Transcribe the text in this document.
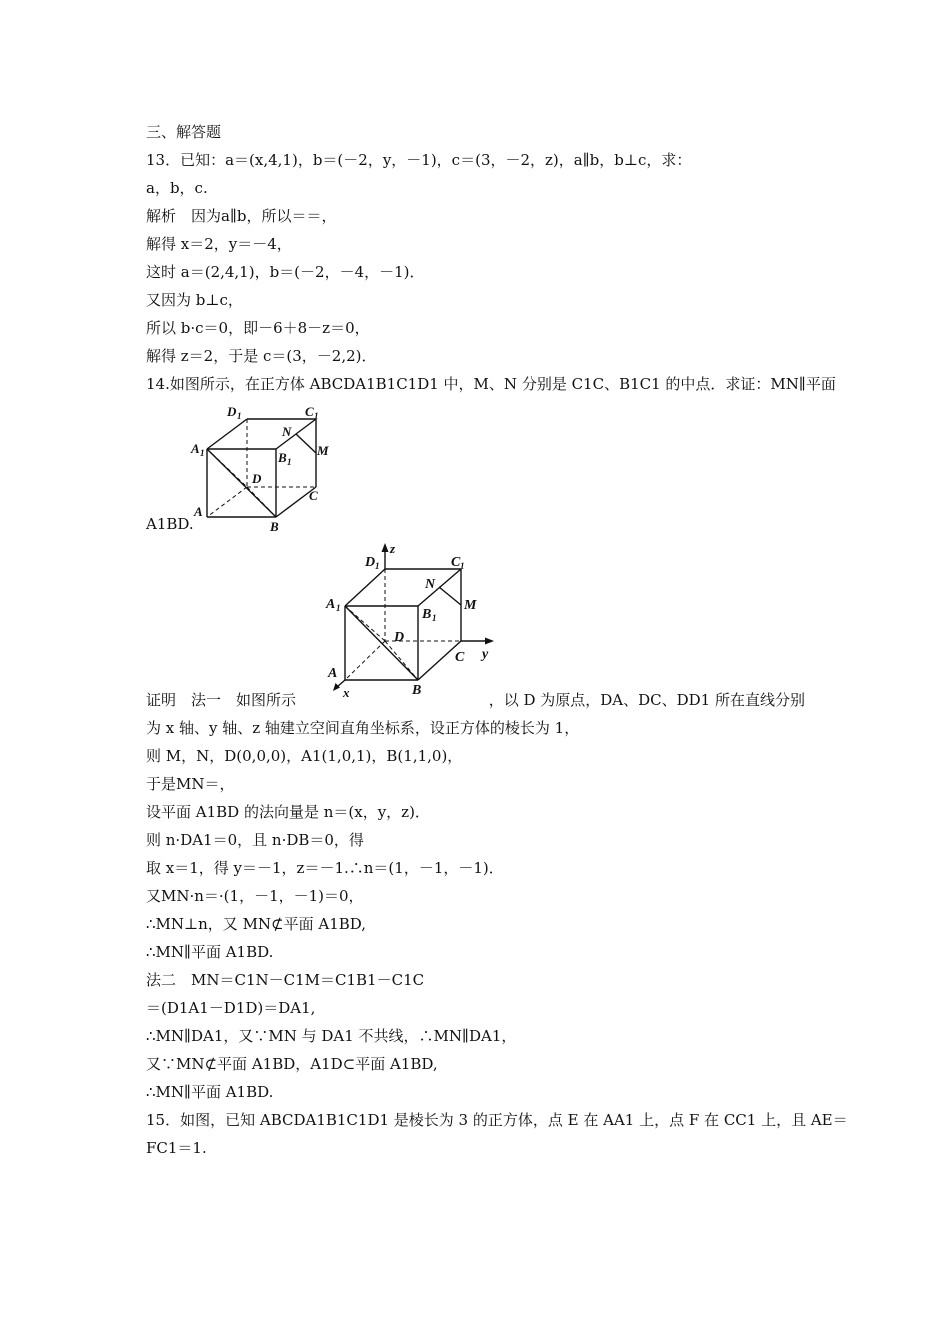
三、解答题
13．已知：a＝(x,4,1)，b＝(－2，y，－1)，c＝(3，－2，z)，a∥b，b⊥c，求：
a，b，c.
解析　因为a∥b，所以＝＝，
解得 x＝2，y＝－4，
这时 a＝(2,4,1)，b＝(－2，－4，－1)．
又因为 b⊥c，
所以 b·c＝0，即－6＋8－z＝0，
解得 z＝2，于是 c＝(3，－2,2)．
14.如图所示，在正方体 ABCDA1B1C1D1 中，M、N 分别是 C1C、B1C1 的中点．求证：MN∥平面
D 1	C 1
A 1	B 1
N
M
D
C
A
B
A1BD.
z
y
x
D 1	C 1
A 1	B 1
N
M
D
C
A
B
证明　法一　如图所示	，以 D 为原点，DA、DC、DD1 所在直线分别
为 x 轴、y 轴、z 轴建立空间直角坐标系，设正方体的棱长为 1，
则 M，N，D(0,0,0)，A1(1,0,1)，B(1,1,0)，
于是MN＝，
设平面 A1BD 的法向量是 n＝(x，y，z)．
则 n·DA1＝0，且 n·DB＝0，得
取 x＝1，得 y＝－1，z＝－1.∴n＝(1，－1，－1)．
又MN·n＝·(1，－1，－1)＝0，
∴MN⊥n，又 MN⊄平面 A1BD,
∴MN∥平面 A1BD.
法二　MN＝C1N－C1M＝C1B1－C1C
＝(D1A1－D1D)＝DA1,
∴MN∥DA1，又∵MN 与 DA1 不共线，∴MN∥DA1，
又∵MN⊄平面 A1BD，A1D⊂平面 A1BD,
∴MN∥平面 A1BD.
15．如图，已知 ABCDA1B1C1D1 是棱长为 3 的正方体，点 E 在 AA1 上，点 F 在 CC1 上，且 AE＝
FC1＝1.
